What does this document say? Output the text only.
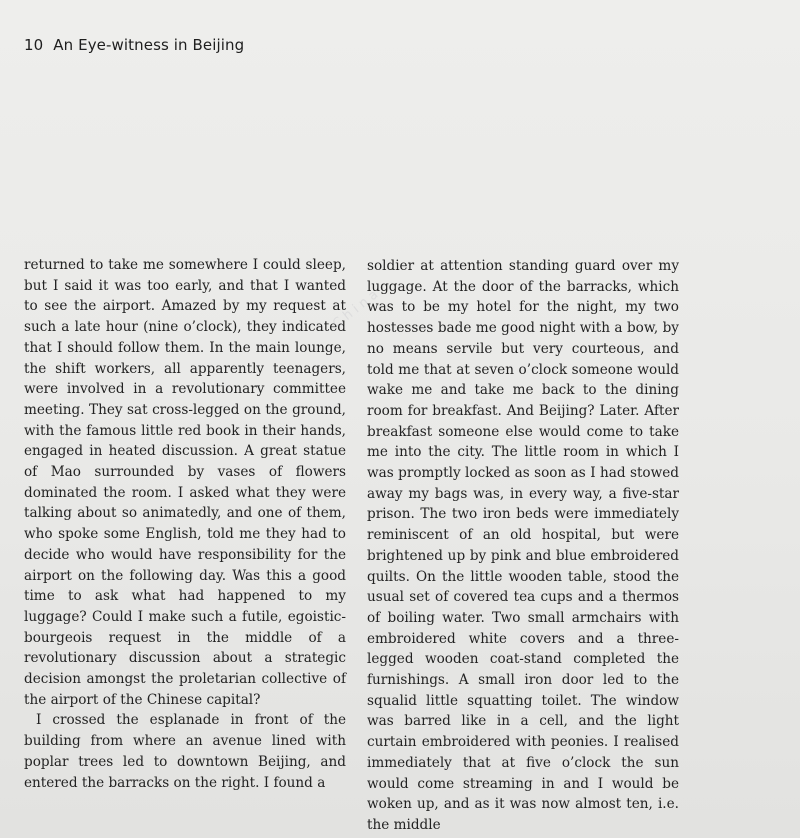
10 An Eye-witness in Beijing

returned to take me somewhere I could sleep, but I said it was too early, and that I wanted to see the airport. Amazed by my request at such a late hour (nine o’clock), they indicated that I should follow them. In the main lounge, the shift workers, all apparently teenagers, were involved in a revolutionary committee meeting. They sat cross-legged on the ground, with the famous little red book in their hands, engaged in heated discussion. A great statue of Mao surrounded by vases of flowers dominated the room. I asked what they were talking about so animatedly, and one of them, who spoke some English, told me they had to decide who would have responsibility for the airport on the following day. Was this a good time to ask what had happened to my luggage? Could I make such a futile, egoistic-bourgeois request in the middle of a revolutionary discussion about a strategic decision amongst the proletarian collective of the airport of the Chinese capital?

I crossed the esplanade in front of the building from where an avenue lined with poplar trees led to downtown Beijing, and entered the barracks on the right. I found a

soldier at attention standing guard over my luggage. At the door of the barracks, which was to be my hotel for the night, my two hostesses bade me good night with a bow, by no means servile but very courteous, and told me that at seven o’clock someone would wake me and take me back to the dining room for breakfast. And Beijing? Later. After breakfast someone else would come to take me into the city. The little room in which I was promptly locked as soon as I had stowed away my bags was, in every way, a five-star prison. The two iron beds were immediately reminiscent of an old hospital, but were brightened up by pink and blue embroidered quilts. On the little wooden table, stood the usual set of covered tea cups and a thermos of boiling water. Two small armchairs with embroidered white covers and a three-legged wooden coat-stand completed the furnishings. A small iron door led to the squalid little squatting toilet. The window was barred like in a cell, and the light curtain embroidered with peonies. I realised immediately that at five o’clock the sun would come streaming in and I would be woken up, and as it was now almost ten, i.e. the middle

China
